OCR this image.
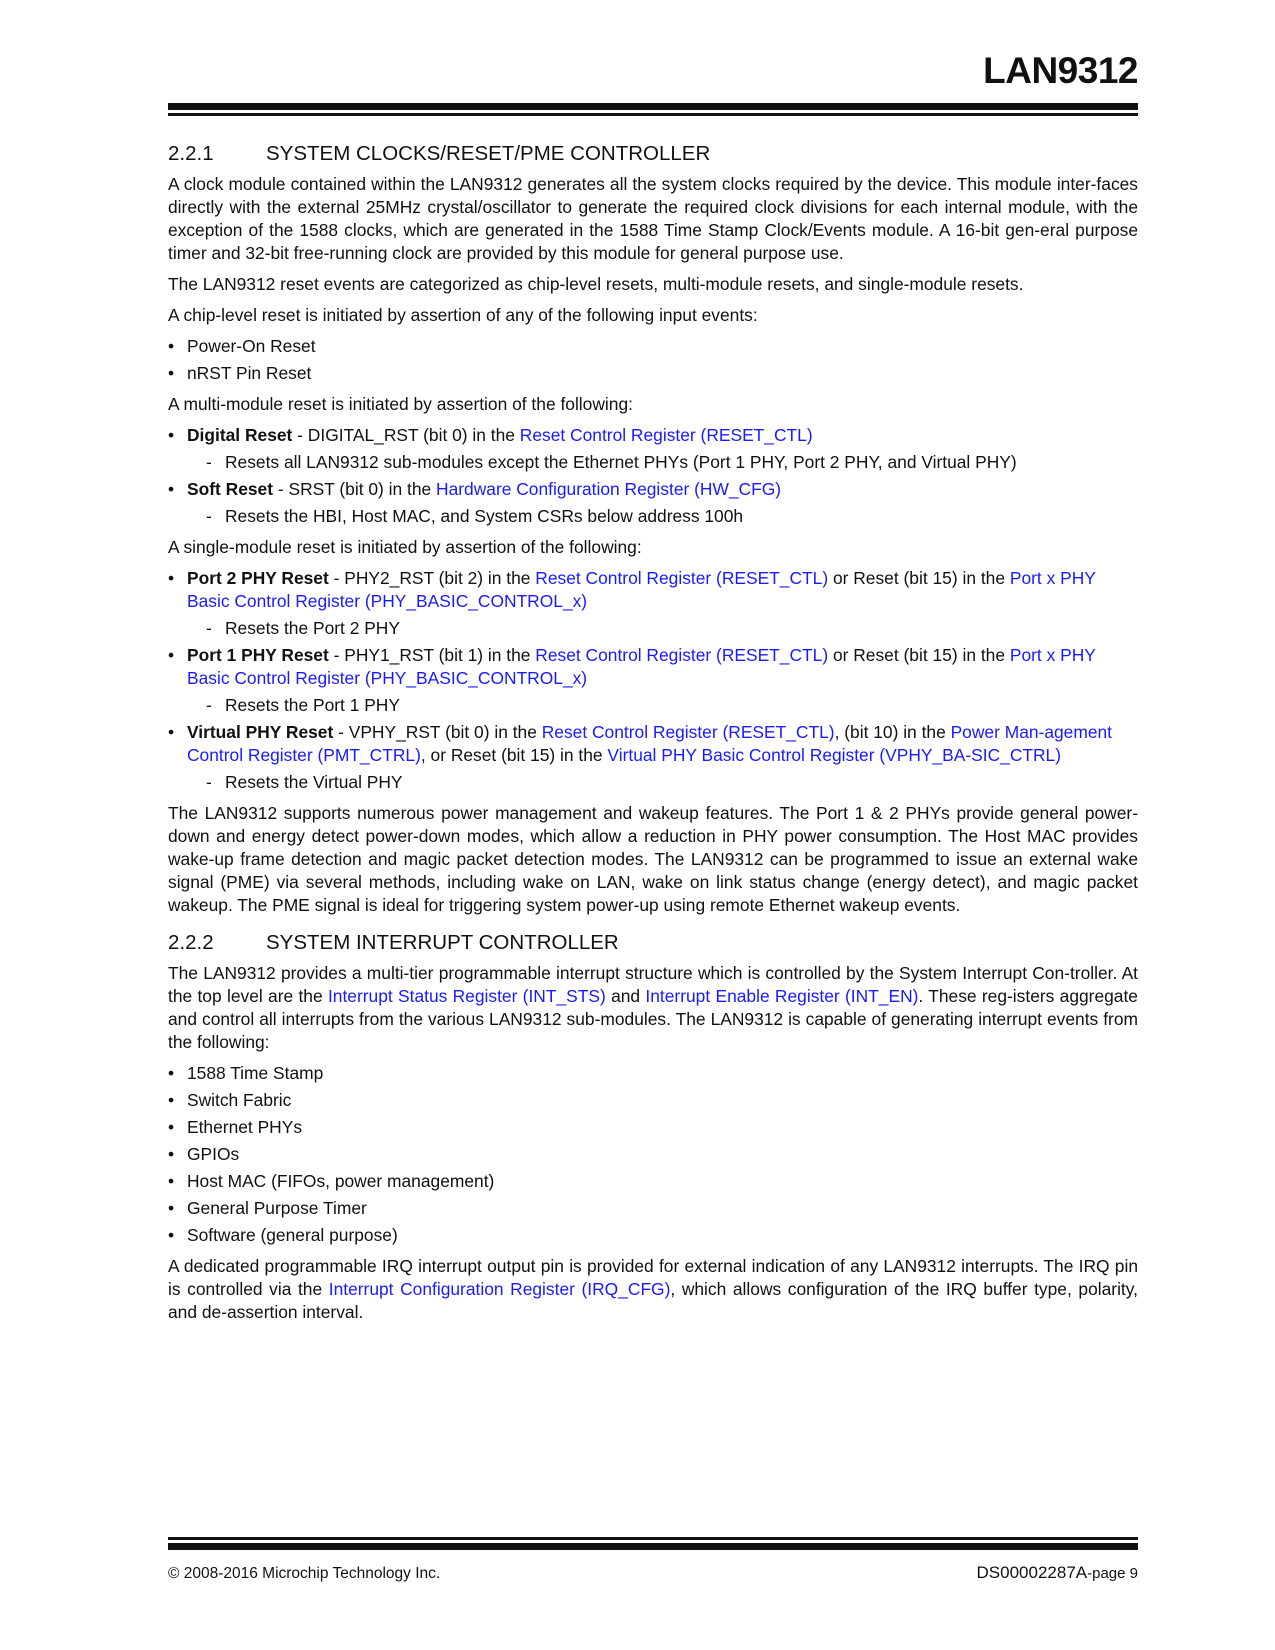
LAN9312
2.2.1	SYSTEM CLOCKS/RESET/PME CONTROLLER

A clock module contained within the LAN9312 generates all the system clocks required by the device. This module inter-faces directly with the external 25MHz crystal/oscillator to generate the required clock divisions for each internal module, with the exception of the 1588 clocks, which are generated in the 1588 Time Stamp Clock/Events module. A 16-bit gen-eral purpose timer and 32-bit free-running clock are provided by this module for general purpose use.

The LAN9312 reset events are categorized as chip-level resets, multi-module resets, and single-module resets.

A chip-level reset is initiated by assertion of any of the following input events:

• Power-On Reset
• nRST Pin Reset

A multi-module reset is initiated by assertion of the following:

• Digital Reset - DIGITAL_RST (bit 0) in the Reset Control Register (RESET_CTL)
- Resets all LAN9312 sub-modules except the Ethernet PHYs (Port 1 PHY, Port 2 PHY, and Virtual PHY)
• Soft Reset - SRST (bit 0) in the Hardware Configuration Register (HW_CFG)
- Resets the HBI, Host MAC, and System CSRs below address 100h

A single-module reset is initiated by assertion of the following:

• Port 2 PHY Reset - PHY2_RST (bit 2) in the Reset Control Register (RESET_CTL) or Reset (bit 15) in the Port x PHY Basic Control Register (PHY_BASIC_CONTROL_x)
- Resets the Port 2 PHY
• Port 1 PHY Reset - PHY1_RST (bit 1) in the Reset Control Register (RESET_CTL) or Reset (bit 15) in the Port x PHY Basic Control Register (PHY_BASIC_CONTROL_x)
- Resets the Port 1 PHY
• Virtual PHY Reset - VPHY_RST (bit 0) in the Reset Control Register (RESET_CTL), (bit 10) in the Power Man-agement Control Register (PMT_CTRL), or Reset (bit 15) in the Virtual PHY Basic Control Register (VPHY_BA-SIC_CTRL)
- Resets the Virtual PHY

The LAN9312 supports numerous power management and wakeup features. The Port 1 & 2 PHYs provide general power-down and energy detect power-down modes, which allow a reduction in PHY power consumption. The Host MAC provides wake-up frame detection and magic packet detection modes. The LAN9312 can be programmed to issue an external wake signal (PME) via several methods, including wake on LAN, wake on link status change (energy detect), and magic packet wakeup. The PME signal is ideal for triggering system power-up using remote Ethernet wakeup events.

2.2.2	SYSTEM INTERRUPT CONTROLLER

The LAN9312 provides a multi-tier programmable interrupt structure which is controlled by the System Interrupt Con-troller. At the top level are the Interrupt Status Register (INT_STS) and Interrupt Enable Register (INT_EN). These reg-isters aggregate and control all interrupts from the various LAN9312 sub-modules. The LAN9312 is capable of generating interrupt events from the following:

• 1588 Time Stamp
• Switch Fabric
• Ethernet PHYs
• GPIOs
• Host MAC (FIFOs, power management)
• General Purpose Timer
• Software (general purpose)

A dedicated programmable IRQ interrupt output pin is provided for external indication of any LAN9312 interrupts. The IRQ pin is controlled via the Interrupt Configuration Register (IRQ_CFG), which allows configuration of the IRQ buffer type, polarity, and de-assertion interval.

© 2008-2016 Microchip Technology Inc.	DS00002287A-page 9
